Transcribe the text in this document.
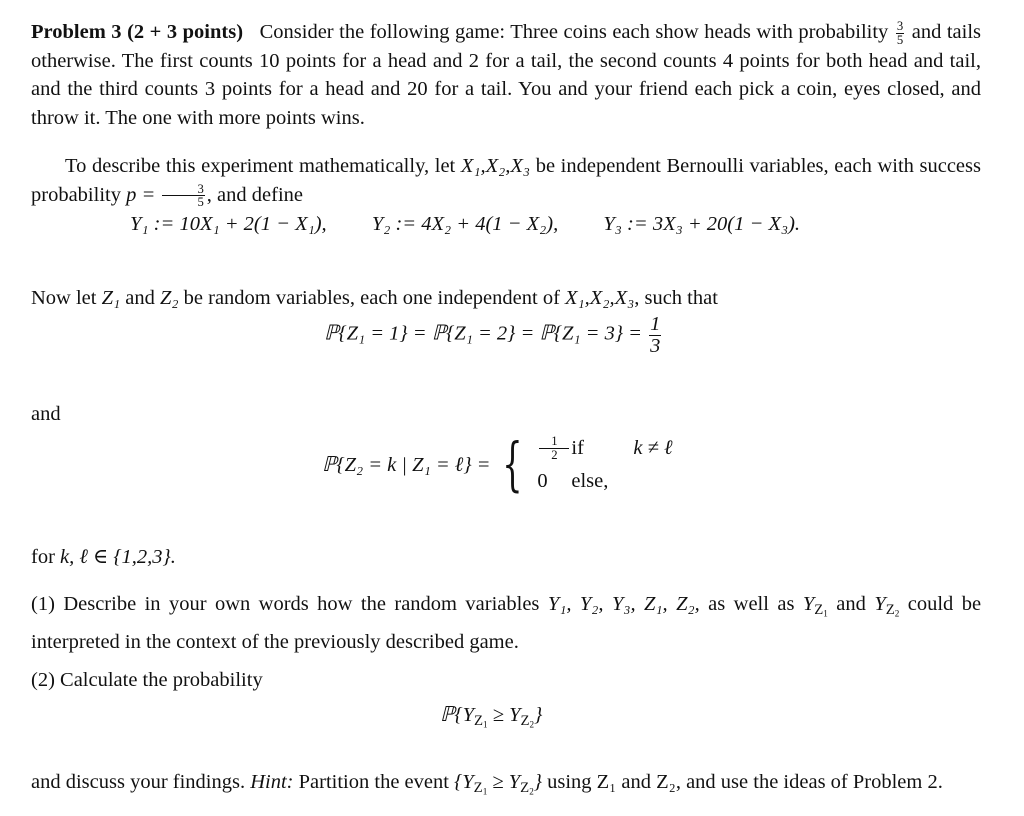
Problem 3 (2 + 3 points) Consider the following game: Three coins each show heads with probability $\frac{3}{5}$ and tails otherwise. The first counts 10 points for a head and 2 for a tail, the second counts 4 points for both head and tail, and the third counts 3 points for a head and 20 for a tail. You and your friend each pick a coin, eyes closed, and throw it. The one with more points wins.

To describe this experiment mathematically, let X₁,X₂,X₃ be independent Bernoulli variables, each with success probability $p = \frac{3}{5}$ , and define

Now let Z₁ and Z₂ be random variables, each one independent of X₁,X₂,X₃, such that

and

for k, ℓ ∈ {1,2,3}.

(1) Describe in your own words how the random variables Y₁, Y₂, Y₃, Z₁, Z₂, as well as $Y_{Z1}$ and $Y_{Z2}$ could be interpreted in the context of the previously described game.

(2) Calculate the probability

and discuss your findings. Hint: Partition the event $\{Y_{Z1} \ge Y_{Z2}\}$ using Z₁ and Z₂, and use the ideas of Problem 2.

Y₁ := 10X₁ + 2(1 − X₁), Y₂ := 4X₂ + 4(1 − X₂), Y₃ := 3X₃ + 20(1 − X₃).
ℙ{Z₁ = 1} = ℙ{Z₁ = 2} = ℙ{Z₁ = $3\} = \frac{1}{3}$
ℙ{Z₂ = k | Z₁ = ℓ} = { $\frac{1}{2}$ if	k ≠ ℓ
0	else,
$ℙ\{Y_{Z1} \ge Y_{Z2}\}$
